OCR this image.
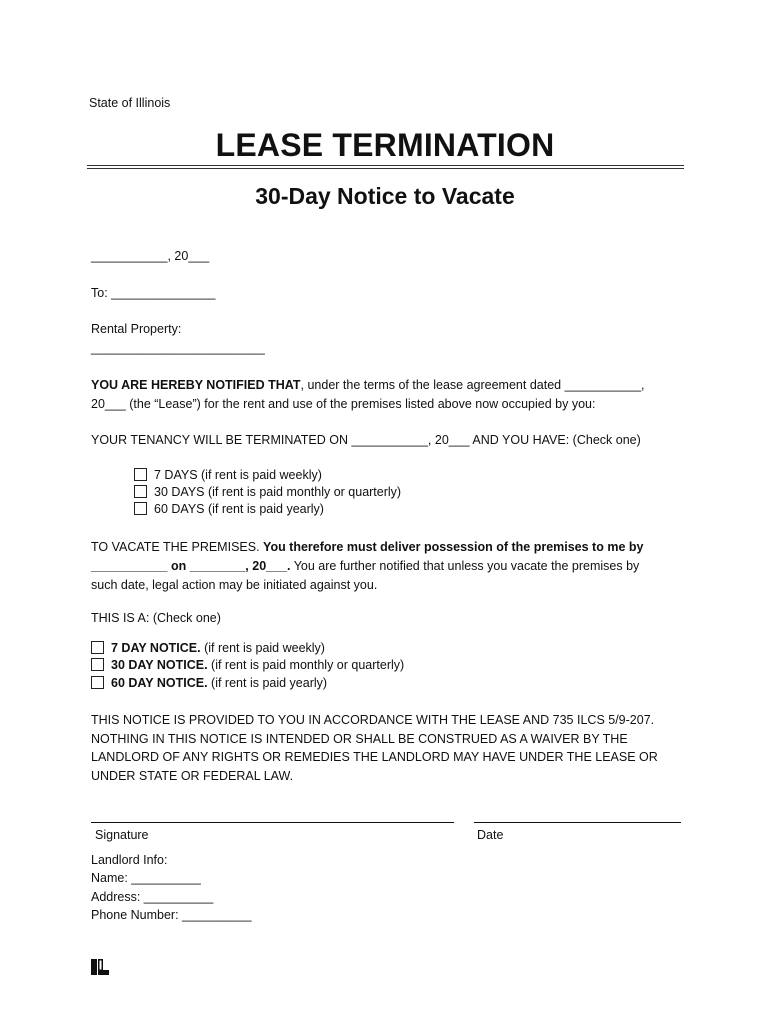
State of Illinois
LEASE TERMINATION
30-Day Notice to Vacate
___________, 20___
To: _______________
Rental Property:
_________________________
YOU ARE HEREBY NOTIFIED THAT, under the terms of the lease agreement dated ___________,
20___ (the “Lease”) for the rent and use of the premises listed above now occupied by you:
YOUR TENANCY WILL BE TERMINATED ON ___________, 20___ AND YOU HAVE: (Check one)
7 DAYS (if rent is paid weekly)
30 DAYS (if rent is paid monthly or quarterly)
60 DAYS (if rent is paid yearly)
TO VACATE THE PREMISES. You therefore must deliver possession of the premises to me by
___________ on ________, 20___. You are further notified that unless you vacate the premises by
such date, legal action may be initiated against you.
THIS IS A: (Check one)
7 DAY NOTICE. (if rent is paid weekly)
30 DAY NOTICE. (if rent is paid monthly or quarterly)
60 DAY NOTICE. (if rent is paid yearly)
THIS NOTICE IS PROVIDED TO YOU IN ACCORDANCE WITH THE LEASE AND 735 ILCS 5/9-207.
NOTHING IN THIS NOTICE IS INTENDED OR SHALL BE CONSTRUED AS A WAIVER BY THE
LANDLORD OF ANY RIGHTS OR REMEDIES THE LANDLORD MAY HAVE UNDER THE LEASE OR
UNDER STATE OR FEDERAL LAW.
Signature	Date
Landlord Info:
Name: __________
Address: __________
Phone Number: __________
